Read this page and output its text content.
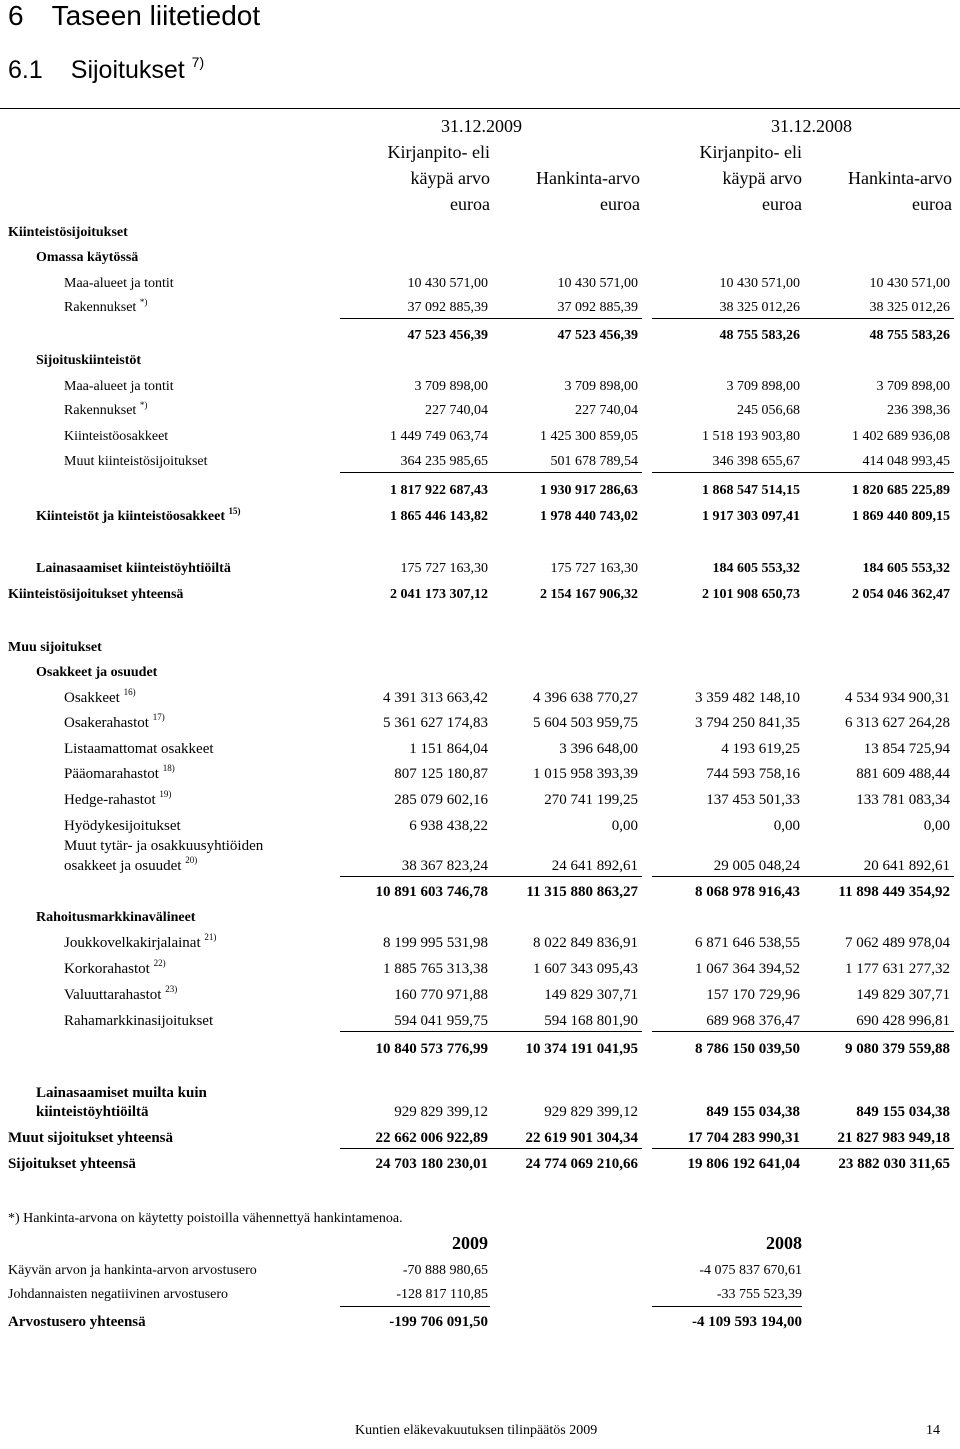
6 Taseen liitetiedot
6.1 Sijoitukset $^{7)}$
31.12.2009	31.12.2008
Kirjanpito- eli
käypä arvo
euroa
Hankinta-arvo
euroa
Kirjanpito- eli
käypä arvo
euroa
Hankinta-arvo
euroa
Kiinteistösijoitukset
Omassa käytössä
Maa-alueet ja tontit	10 430 571,00	10 430 571,00	10 430 571,00	10 430 571,00
Rakennukset *)	37 092 885,39	37 092 885,39	38 325 012,26	38 325 012,26
47 523 456,39	47 523 456,39	48 755 583,26	48 755 583,26
Sijoituskiinteistöt
Maa-alueet ja tontit	3 709 898,00	3 709 898,00	3 709 898,00	3 709 898,00
Rakennukset *)	227 740,04	227 740,04	245 056,68	236 398,36
Kiinteistöosakkeet	1 449 749 063,74	1 425 300 859,05	1 518 193 903,80	1 402 689 936,08
Muut kiinteistösijoitukset	364 235 985,65	501 678 789,54	346 398 655,67	414 048 993,45
1 817 922 687,43	1 930 917 286,63	1 868 547 514,15	1 820 685 225,89
Kiinteistöt ja kiinteistöosakkeet $^{15)}$	1 865 446 143,82	1 978 440 743,02	1 917 303 097,41	1 869 440 809,15
Lainasaamiset kiinteistöyhtiöiltä	175 727 163,30	175 727 163,30	184 605 553,32	184 605 553,32
Kiinteistösijoitukset yhteensä	2 041 173 307,12	2 154 167 906,32	2 101 908 650,73	2 054 046 362,47
Muu sijoitukset
Osakkeet ja osuudet
Osakkeet $^{16)}$	4 391 313 663,42	4 396 638 770,27	3 359 482 148,10	4 534 934 900,31
Osakerahastot $^{17)}$	5 361 627 174,83	5 604 503 959,75	3 794 250 841,35	6 313 627 264,28
Listaamattomat osakkeet	1 151 864,04	3 396 648,00	4 193 619,25	13 854 725,94
Pääomarahastot $^{18)}$	807 125 180,87	1 015 958 393,39	744 593 758,16	881 609 488,44
Hedge-rahastot $^{19)}$	285 079 602,16	270 741 199,25	137 453 501,33	133 781 083,34
Hyödykesijoitukset	6 938 438,22	0,00	0,00	0,00
Muut tytär- ja osakkuusyhtiöiden
osakkeet ja osuudet $^{20)}$	38 367 823,24	24 641 892,61	29 005 048,24	20 641 892,61
10 891 603 746,78	11 315 880 863,27	8 068 978 916,43	11 898 449 354,92
Rahoitusmarkkinavälineet
Joukkovelkakirjalainat $^{21)}$	8 199 995 531,98	8 022 849 836,91	6 871 646 538,55	7 062 489 978,04
Korkorahastot $^{22)}$	1 885 765 313,38	1 607 343 095,43	1 067 364 394,52	1 177 631 277,32
Valuuttarahastot $^{23)}$	160 770 971,88	149 829 307,71	157 170 729,96	149 829 307,71
Rahamarkkinasijoitukset	594 041 959,75	594 168 801,90	689 968 376,47	690 428 996,81
10 840 573 776,99	10 374 191 041,95	8 786 150 039,50	9 080 379 559,88
Lainasaamiset muilta kuin
kiinteistöyhtiöiltä	929 829 399,12	929 829 399,12	849 155 034,38	849 155 034,38
Muut sijoitukset yhteensä	22 662 006 922,89	22 619 901 304,34	17 704 283 990,31	21 827 983 949,18
Sijoitukset yhteensä	24 703 180 230,01	24 774 069 210,66	19 806 192 641,04	23 882 030 311,65
*) Hankinta-arvona on käytetty poistoilla vähennettyä hankintamenoa.
2009	2008
Käyvän arvon ja hankinta-arvon arvostusero	-70 888 980,65	-4 075 837 670,61
Johdannaisten negatiivinen arvostusero	-128 817 110,85	-33 755 523,39
Arvostusero yhteensä	-199 706 091,50	-4 109 593 194,00
Kuntien eläkevakuutuksen tilinpäätös 2009	14
